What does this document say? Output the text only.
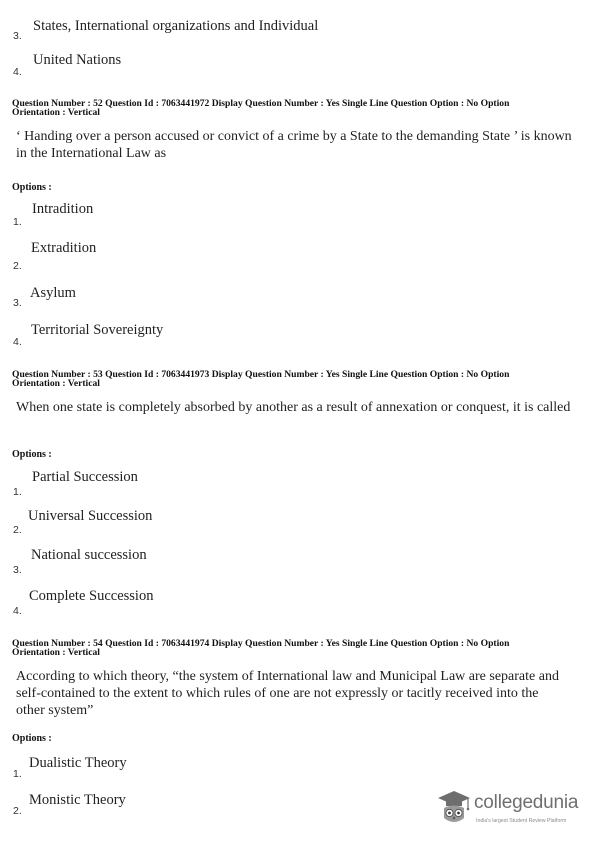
States, International organizations and Individual
3.
United Nations
4.
Question Number : 52 Question Id : 7063441972 Display Question Number : Yes Single Line Question Option : No Option
Orientation : Vertical
‘ Handing over a person accused or convict of a crime by a State to the demanding State ’ is known in the International Law as
Options :
Intradition
1.
Extradition
2.
Asylum
3.
Territorial Sovereignty
4.
Question Number : 53 Question Id : 7063441973 Display Question Number : Yes Single Line Question Option : No Option
Orientation : Vertical
When one state is completely absorbed by another as a result of annexation or conquest, it is called
Options :
Partial Succession
1.
Universal Succession
2.
National succession
3.
Complete Succession
4.
Question Number : 54 Question Id : 7063441974 Display Question Number : Yes Single Line Question Option : No Option
Orientation : Vertical
According to which theory, “the system of International law and Municipal Law are separate and self-contained to the extent to which rules of one are not expressly or tacitly received into the other system”
Options :
Dualistic Theory
1.
Monistic Theory
2.	collegedunia
India's largest Student Review Platform
